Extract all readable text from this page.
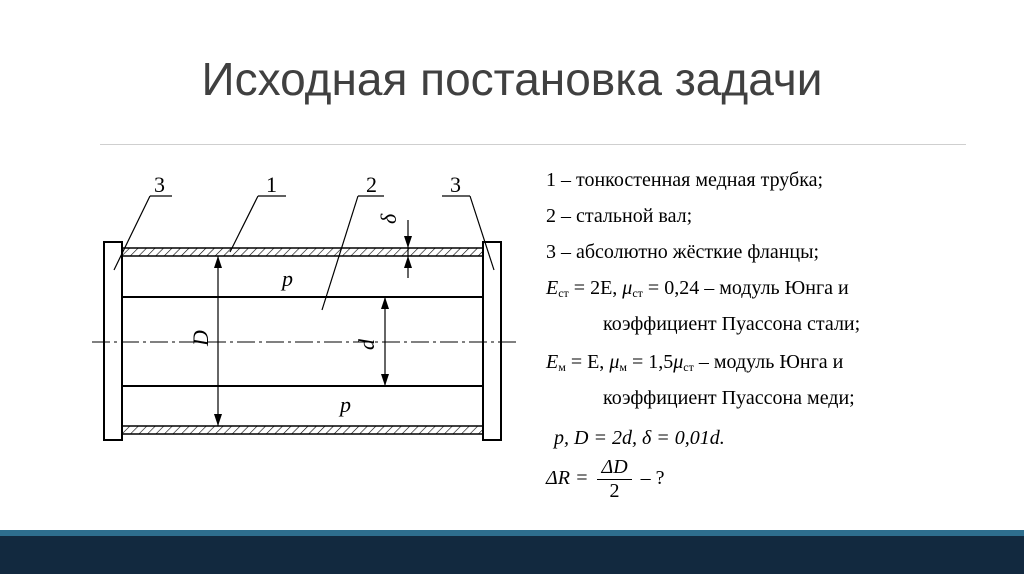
Исходная постановка задачи
D	d
δ
p
p
3	1	2	3	1 – тонкостенная медная трубка;
2 – стальной вал;
3 – абсолютно жёсткие фланцы;
$E_{ст} = 2E$, $\mu_{ст} = 0,24$ – модуль Юнга и
коэффициент Пуассона стали;
$E_м = E$, $\mu_м = 1,5\mu_{ст}$ – модуль Юнга и
коэффициент Пуассона меди;
p, D = 2d, δ = 0,01d.
$\Delta R = \frac{\Delta D}{2}$ – ?
